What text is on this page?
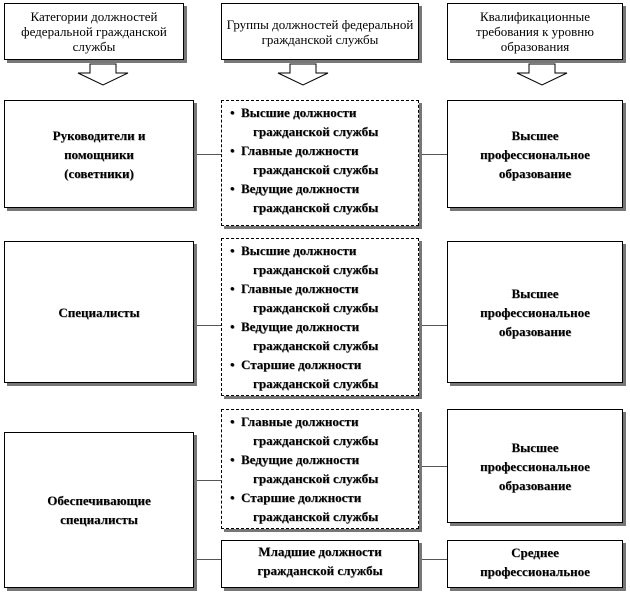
Категории должностей федеральной гражданской службы
Группы должностей федеральной гражданской службы
Квалификационные требования к уровню образования
Руководители и
помощники
(советники)
• Высшие должности
гражданской службы
• Главные должности
гражданской службы
• Ведущие должности
гражданской службы
Высшее
профессиональное
образование
Специалисты
• Высшие должности
гражданской службы
• Главные должности
гражданской службы
• Ведущие должности
гражданской службы
• Старшие должности
гражданской службы
Высшее
профессиональное
образование
Обеспечивающие
специалисты
• Главные должности
гражданской службы
• Ведущие должности
гражданской службы
• Старшие должности
гражданской службы
Высшее
профессиональное
образование
Младшие должности
гражданской службы
Среднее
профессиональное
